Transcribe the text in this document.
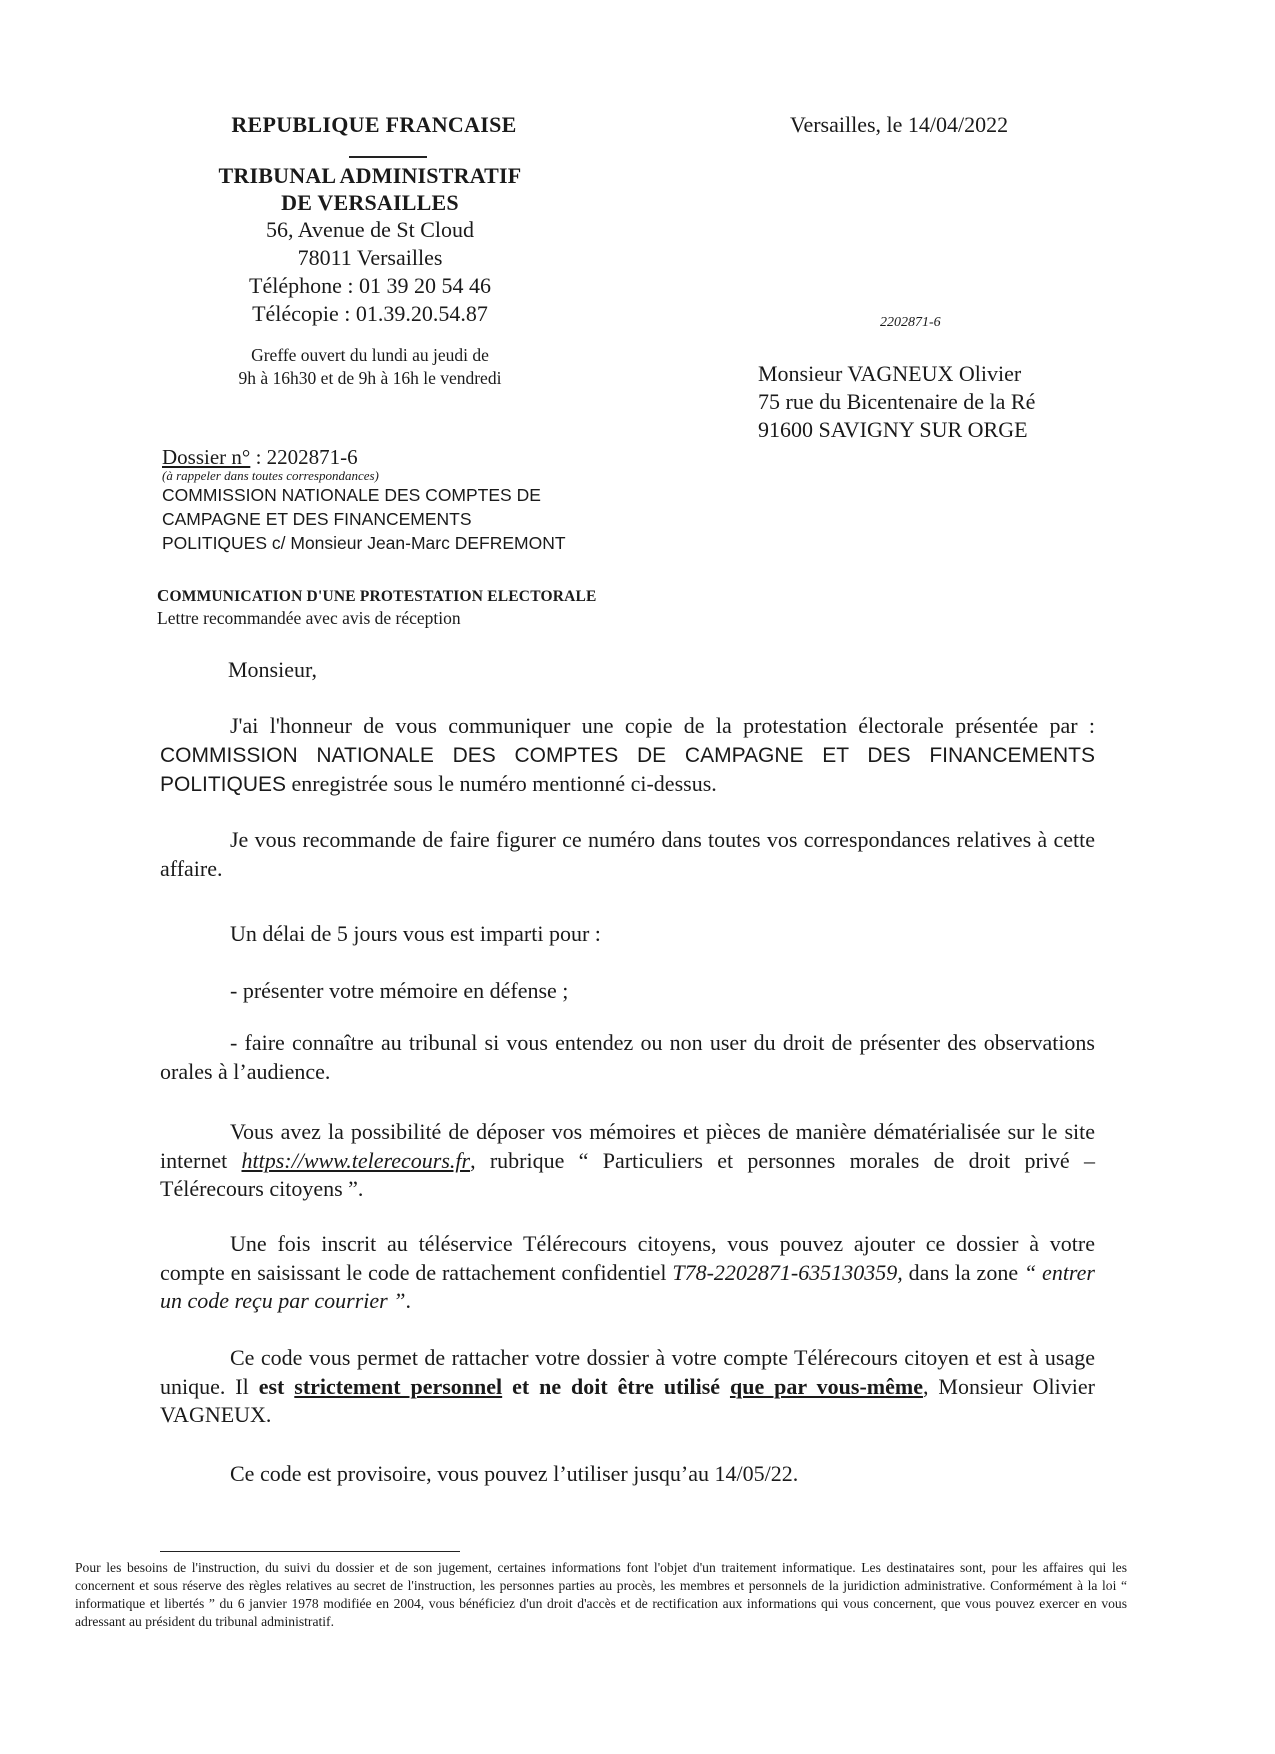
REPUBLIQUE FRANCAISE
TRIBUNAL ADMINISTRATIF
DE VERSAILLES
56, Avenue de St Cloud
78011 Versailles
Téléphone : 01 39 20 54 46
Télécopie : 01.39.20.54.87
Greffe ouvert du lundi au jeudi de
9h à 16h30 et de 9h à 16h le vendredi
Versailles, le 14/04/2022
2202871-6
Monsieur VAGNEUX Olivier
75 rue du Bicentenaire de la Ré
91600 SAVIGNY SUR ORGE
Dossier n° : 2202871-6
(à rappeler dans toutes correspondances)
COMMISSION NATIONALE DES COMPTES DE
CAMPAGNE ET DES FINANCEMENTS
POLITIQUES c/ Monsieur Jean-Marc DEFREMONT
COMMUNICATION D'UNE PROTESTATION ELECTORALE
Lettre recommandée avec avis de réception
Monsieur,

J'ai l'honneur de vous communiquer une copie de la protestation électorale présentée par : COMMISSION NATIONALE DES COMPTES DE CAMPAGNE ET DES FINANCEMENTS POLITIQUES enregistrée sous le numéro mentionné ci-dessus.

Je vous recommande de faire figurer ce numéro dans toutes vos correspondances relatives à cette affaire.

Un délai de 5 jours vous est imparti pour :

- présenter votre mémoire en défense ;

- faire connaître au tribunal si vous entendez ou non user du droit de présenter des observations orales à l’audience.

Vous avez la possibilité de déposer vos mémoires et pièces de manière dématérialisée sur le site internet https://www.telerecours.fr, rubrique “ Particuliers et personnes morales de droit privé – Télérecours citoyens ”.

Une fois inscrit au téléservice Télérecours citoyens, vous pouvez ajouter ce dossier à votre compte en saisissant le code de rattachement confidentiel T78-2202871-635130359, dans la zone “ entrer un code reçu par courrier ”.

Ce code vous permet de rattacher votre dossier à votre compte Télérecours citoyen et est à usage unique. Il est strictement personnel et ne doit être utilisé que par vous-même, Monsieur Olivier VAGNEUX.

Ce code est provisoire, vous pouvez l’utiliser jusqu’au 14/05/22.

Pour les besoins de l'instruction, du suivi du dossier et de son jugement, certaines informations font l'objet d'un traitement informatique. Les destinataires sont, pour les affaires qui les concernent et sous réserve des règles relatives au secret de l'instruction, les personnes parties au procès, les membres et personnels de la juridiction administrative. Conformément à la loi “ informatique et libertés ” du 6 janvier 1978 modifiée en 2004, vous bénéficiez d'un droit d'accès et de rectification aux informations qui vous concernent, que vous pouvez exercer en vous adressant au président du tribunal administratif.
